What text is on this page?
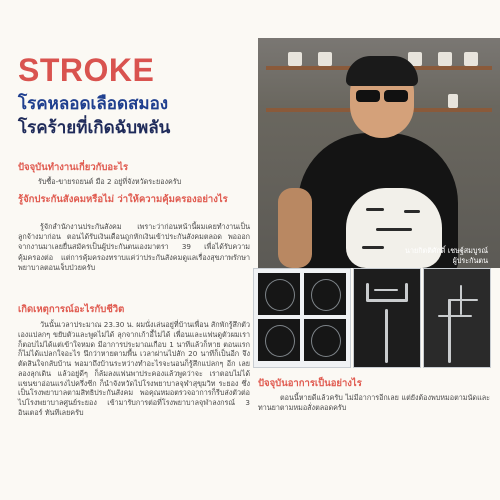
STROKE
โรคหลอดเลือดสมอง
โรคร้ายที่เกิดฉับพลัน
ปัจจุบันทำงานเกี่ยวกับอะไร
รับซื้อ-ขายรถยนต์ มือ 2 อยู่ที่จังหวัดระยองครับ
รู้จักประกันสังคมหรือไม่ ว่าให้ความคุ้มครองอย่างไร
รู้จักสำนักงานประกันสังคม เพราะว่าก่อนหน้านี้ผมเคยทำงานเป็นลูกจ้างมาก่อน ตอนได้รับเงินเดือนถูกหักเงินเข้าประกันสังคมตลอด พอออกจากงานมาเลยยื่นสมัครเป็นผู้ประกันตนเองมาตรา 39 เพื่อได้รับความคุ้มครองต่อ แต่การคุ้มครองทราบแค่ว่าประกันสังคมดูแลเรื่องสุขภาพรักษาพยาบาลตอนเจ็บป่วยครับ
เกิดเหตุการณ์อะไรกับชีวิต
วันนั้นเวลาประมาณ 23.30 น. ผมนั่งเล่นอยู่ที่บ้านเพื่อน สักพักรู้สึกตัวเองแปลกๆ ขยับตัวและพูดไม่ได้ ลุกจากเก้าอี้ไม่ได้ เพื่อนและแฟนดูตัวผมเราก็ตอบไม่ได้แต่เข้าใจหมด มีอาการประมาณเกือบ 1 นาทีแล้วก็หาย ตอนแรกก็ไม่ได้แปลกใจอะไร นึกว่าหายตามพื้น เวลาผ่านไปสัก 20 นาทีก็เป็นอีก จึงตัดสินใจกลับบ้าน พอมาถึงบ้านระหว่างทำอะไรจะนอนก็รู้สึกแปลกๆ อีก เลยลองลุกเดิน แล้วอยู่ดีๆ ก็ล้มลงแฟนพาประคองแล้วพูดว่าจะ เราตอบไม่ได้ แขนขาอ่อนแรงไปครึ่งซีก ก็นำจังหวัดไปโรงพยาบาลจุฬาสุขุมวิท ระยอง ซึ่งเป็นโรงพยาบาลตามสิทธิประกันสังคม พอคุณหมอตรวจอาการก็รีบส่งตัวต่อไปโรงพยาบาลศูนย์ระยอง เข้ามารับการต่อที่โรงพยาบาลจุฬาลงกรณ์ 3 อินเตอร์ ทันทีเลยครับ
นายกิตติศักดิ์ เชษฐ์สมบูรณ์
ผู้ประกันตน
ปัจจุบันอาการเป็นอย่างไร
ตอนนี้หายดีแล้วครับ ไม่มีอาการอีกเลย แต่ยังต้องพบหมอตามนัดและทานยาตามหมอสั่งตลอดครับ
